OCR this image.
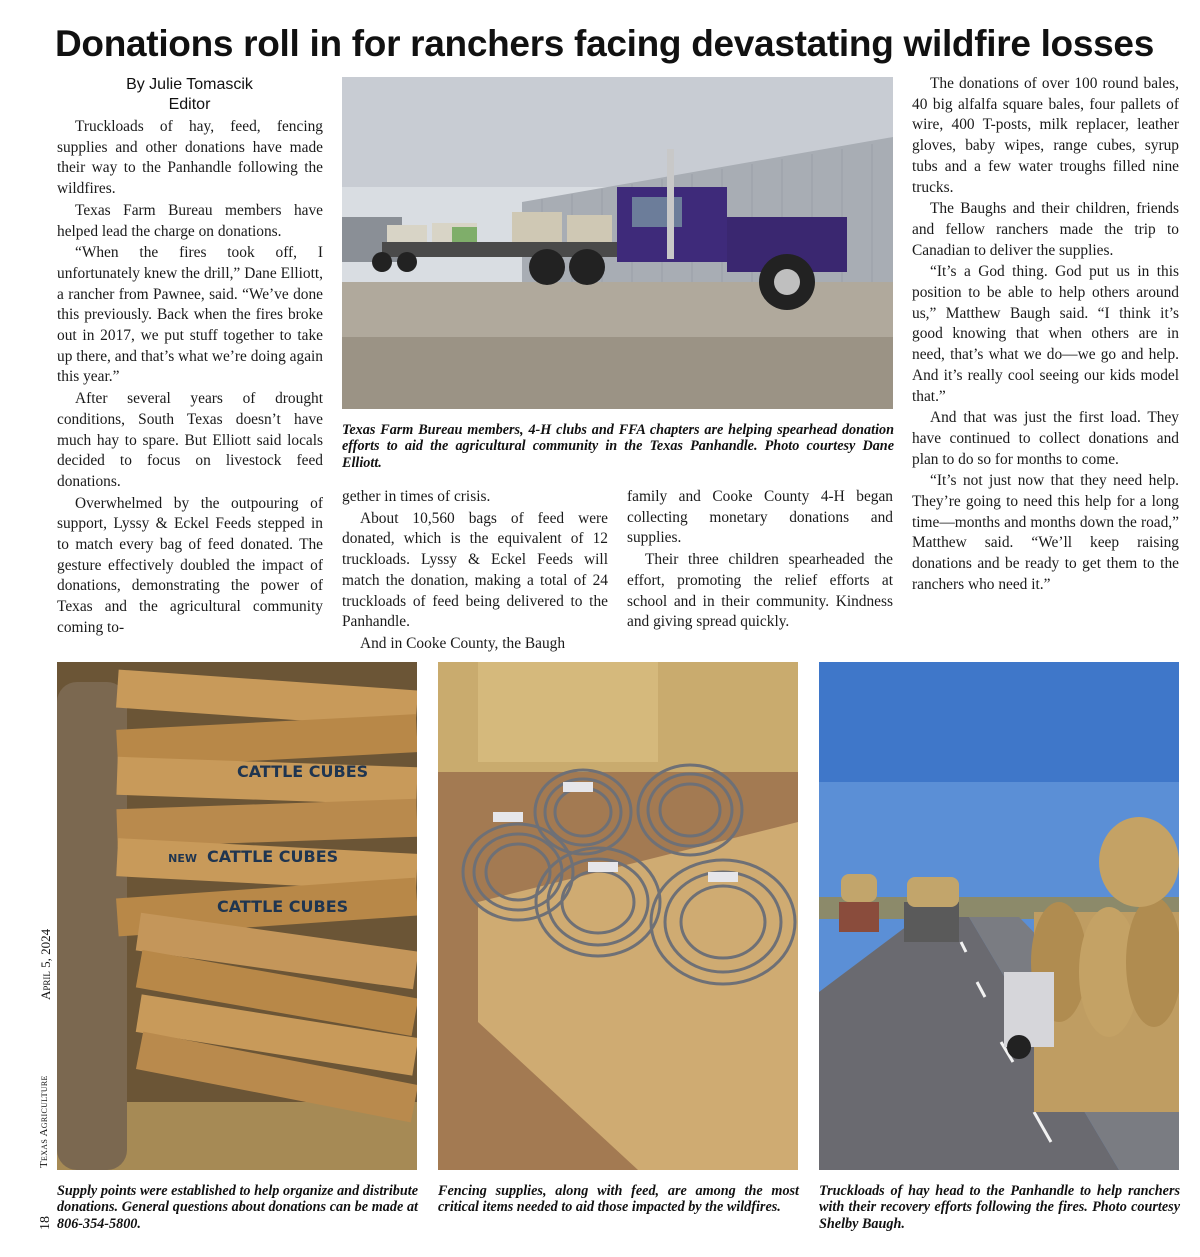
Donations roll in for ranchers facing devastating wildfire losses
By Julie Tomascik
Editor

Truckloads of hay, feed, fencing supplies and other donations have made their way to the Panhandle following the wildfires.

Texas Farm Bureau members have helped lead the charge on donations.

“When the fires took off, I unfortunately knew the drill,” Dane Elliott, a rancher from Pawnee, said. “We’ve done this previously. Back when the fires broke out in 2017, we put stuff together to take up there, and that’s what we’re doing again this year.”

After several years of drought conditions, South Texas doesn’t have much hay to spare. But Elliott said locals decided to focus on livestock feed donations.

Overwhelmed by the outpouring of support, Lyssy & Eckel Feeds stepped in to match every bag of feed donated. The gesture effectively doubled the impact of donations, demonstrating the power of Texas and the agricultural community coming to-

Texas Farm Bureau members, 4-H clubs and FFA chapters are helping spearhead donation efforts to aid the agricultural community in the Texas Panhandle. Photo courtesy Dane Elliott.

gether in times of crisis.

About 10,560 bags of feed were donated, which is the equivalent of 12 truckloads. Lyssy & Eckel Feeds will match the donation, making a total of 24 truckloads of feed being delivered to the Panhandle.

And in Cooke County, the Baugh

family and Cooke County 4-H began collecting monetary donations and supplies.

Their three children spearheaded the effort, promoting the relief efforts at school and in their community. Kindness and giving spread quickly.

The donations of over 100 round bales, 40 big alfalfa square bales, four pallets of wire, 400 T-posts, milk replacer, leather gloves, baby wipes, range cubes, syrup tubs and a few water troughs filled nine trucks.

The Baughs and their children, friends and fellow ranchers made the trip to Canadian to deliver the supplies.

“It’s a God thing. God put us in this position to be able to help others around us,” Matthew Baugh said. “I think it’s good knowing that when others are in need, that’s what we do—we go and help. And it’s really cool seeing our kids model that.”

And that was just the first load. They have continued to collect donations and plan to do so for months to come.

“It’s not just now that they need help. They’re going to need this help for a long time—months and months down the road,” Matthew said. “We’ll keep raising donations and be ready to get them to the ranchers who need it.”

CATTLE CUBES
CATTLE CUBES
CATTLE CUBES
NEW
Supply points were established to help organize and distribute donations. General questions about donations can be made at 806-354-5800.
Fencing supplies, along with feed, are among the most critical items needed to aid those impacted by the wildfires.
Truckloads of hay head to the Panhandle to help ranchers with their recovery efforts following the fires. Photo courtesy Shelby Baugh.
18
Texas Agriculture
April 5, 2024
